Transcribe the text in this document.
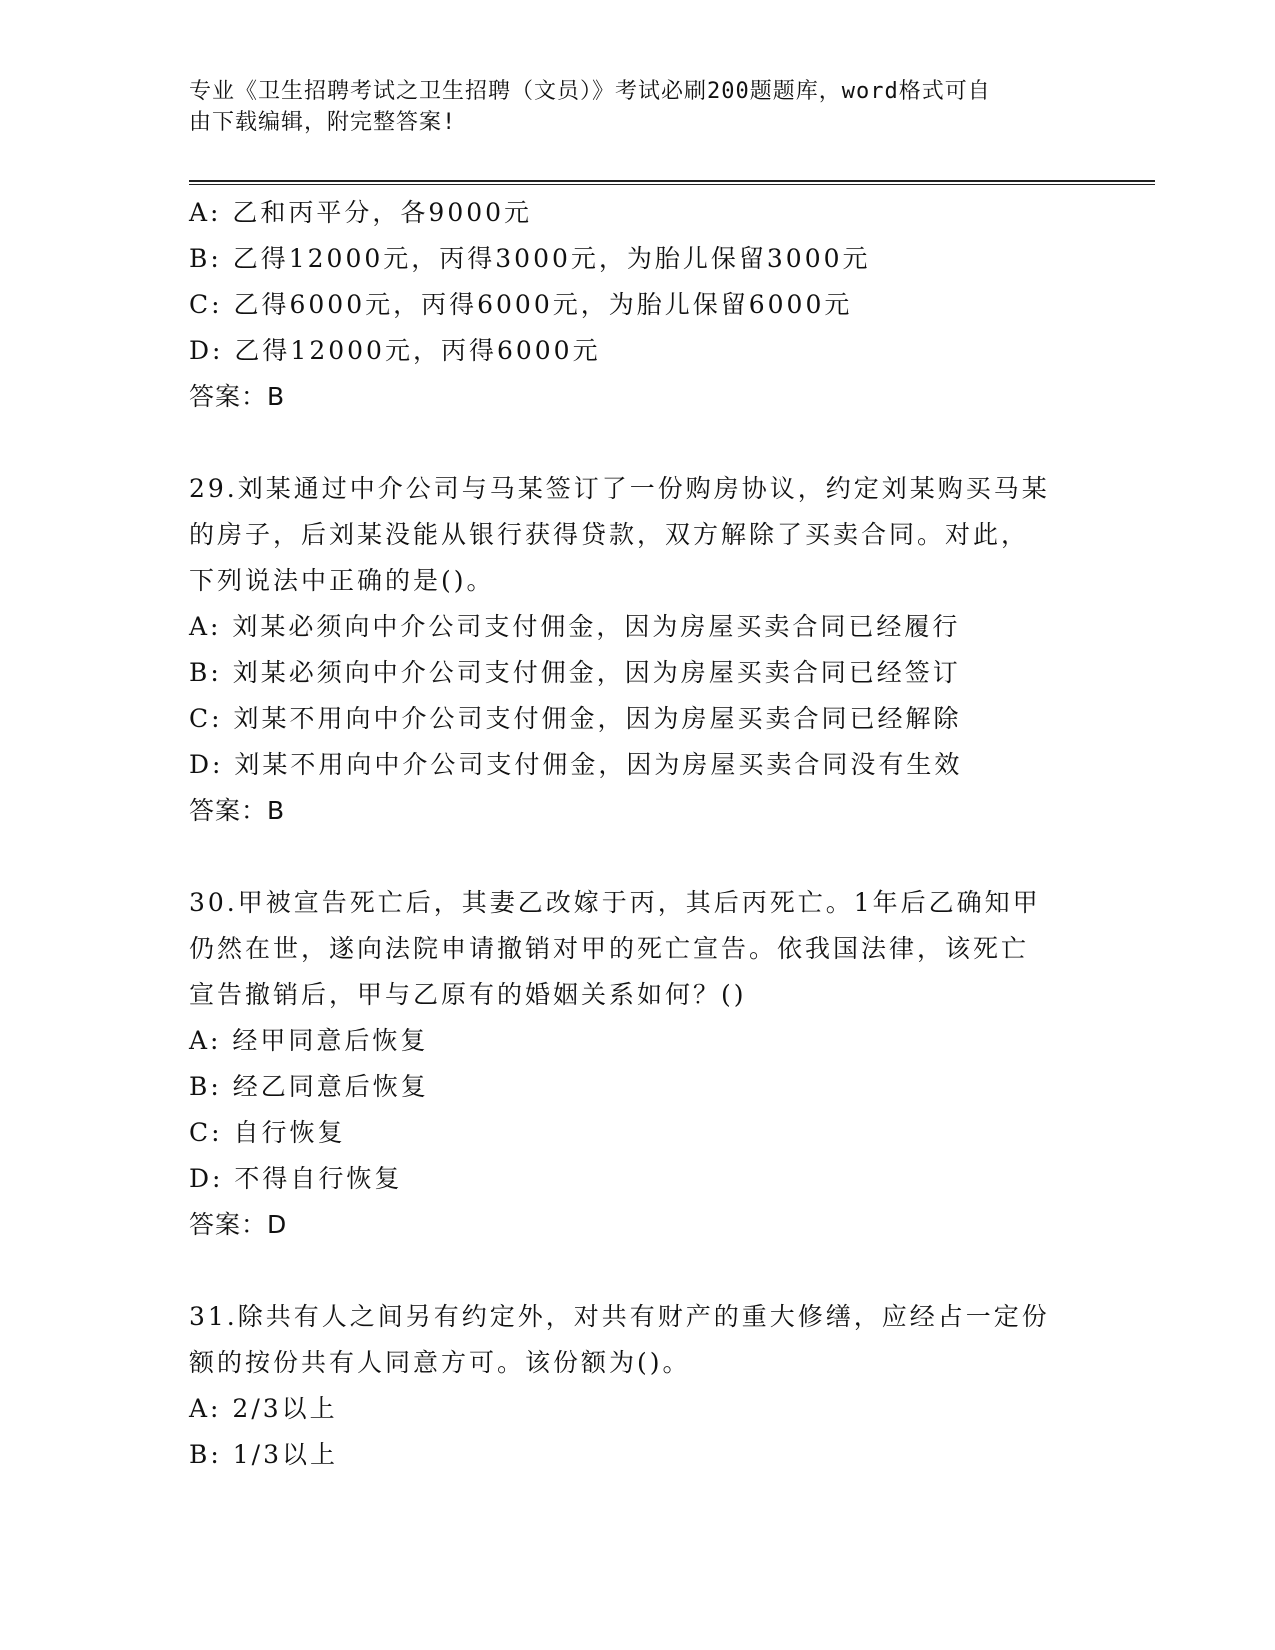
专业《卫生招聘考试之卫生招聘（文员）》考试必刷200题题库，word格式可自
由下载编辑，附完整答案!
A: 乙和丙平分，各9000元
B: 乙得12000元，丙得3000元，为胎儿保留3000元
C: 乙得6000元，丙得6000元，为胎儿保留6000元
D: 乙得12000元，丙得6000元
答案：B
29.刘某通过中介公司与马某签订了一份购房协议，约定刘某购买马某
的房子，后刘某没能从银行获得贷款，双方解除了买卖合同。对此，
下列说法中正确的是()。
A: 刘某必须向中介公司支付佣金，因为房屋买卖合同已经履行
B: 刘某必须向中介公司支付佣金，因为房屋买卖合同已经签订
C: 刘某不用向中介公司支付佣金，因为房屋买卖合同已经解除
D: 刘某不用向中介公司支付佣金，因为房屋买卖合同没有生效
答案：B
30.甲被宣告死亡后，其妻乙改嫁于丙，其后丙死亡。1年后乙确知甲
仍然在世，遂向法院申请撤销对甲的死亡宣告。依我国法律，该死亡
宣告撤销后，甲与乙原有的婚姻关系如何？()
A: 经甲同意后恢复
B: 经乙同意后恢复
C: 自行恢复
D: 不得自行恢复
答案：D
31.除共有人之间另有约定外，对共有财产的重大修缮，应经占一定份
额的按份共有人同意方可。该份额为()。
A: 2/3以上
B: 1/3以上
